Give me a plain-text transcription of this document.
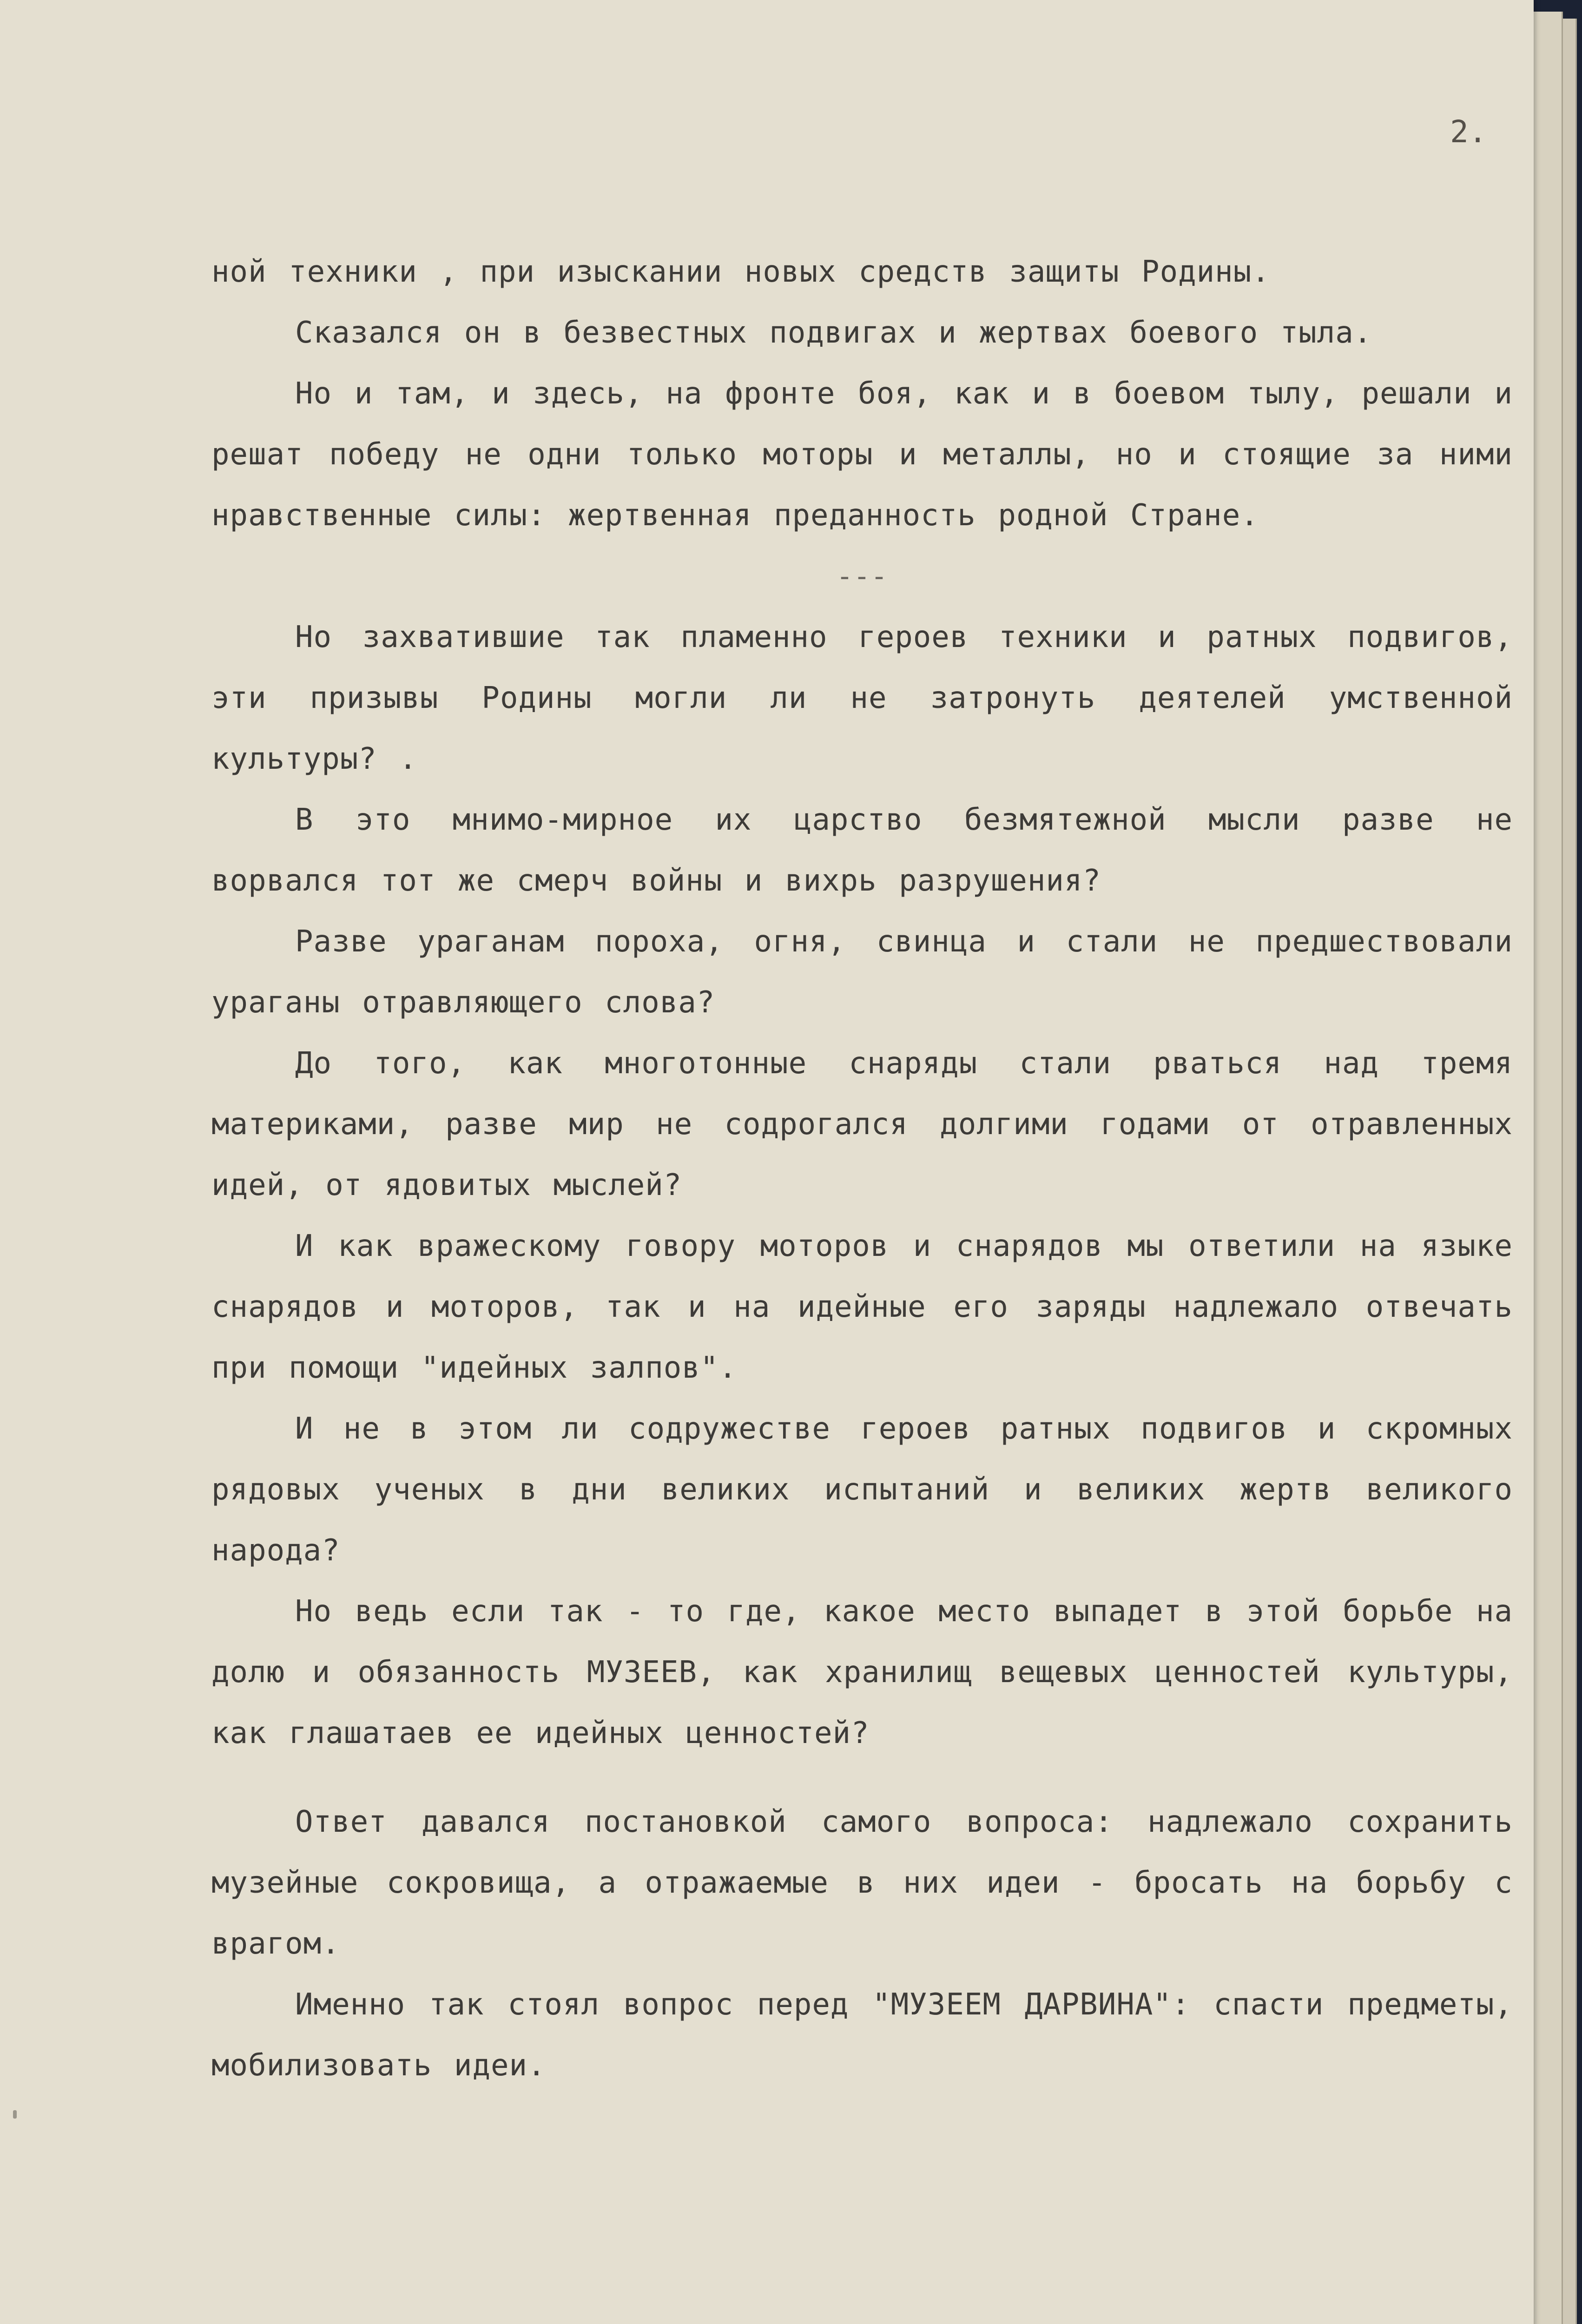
2.

ной техники , при изыскании новых средств защиты Родины.

Сказался он в безвестных подвигах и жертвах боевого тыла.

Но и там, и здесь, на фронте боя, как и в боевом тылу, решали и решат победу не одни только моторы и металлы, но и стоящие за ними нравственные силы: жертвенная преданность родной Стране.

---

Но захватившие так пламенно героев техники и ратных подвигов, эти призывы Родины могли ли не затронуть деятелей умственной культуры? .

В это мнимо-мирное их царство безмятежной мысли разве не ворвался тот же смерч войны и вихрь разрушения?

Разве ураганам пороха, огня, свинца и стали не предшествовали ураганы отравляющего слова?

До того, как многотонные снаряды стали рваться над тремя материками, разве мир не содрогался долгими годами от отравленных идей, от ядовитых мыслей?

И как вражескому говору моторов и снарядов мы ответили на языке снарядов и моторов, так и на идейные его заряды надлежало отвечать при помощи "идейных залпов".

И не в этом ли содружестве героев ратных подвигов и скромных рядовых ученых в дни великих испытаний и великих жертв великого народа?

Но ведь если так - то где, какое место выпадет в этой борьбе на долю и обязанность МУЗЕЕВ, как хранилищ вещевых ценностей культуры, как глашатаев ее идейных ценностей?

Ответ давался постановкой самого вопроса: надлежало сохранить музейные сокровища, а отражаемые в них идеи - бросать на борьбу с врагом.

Именно так стоял вопрос перед "МУЗЕЕМ ДАРВИНА": спасти предметы, мобилизовать идеи.
